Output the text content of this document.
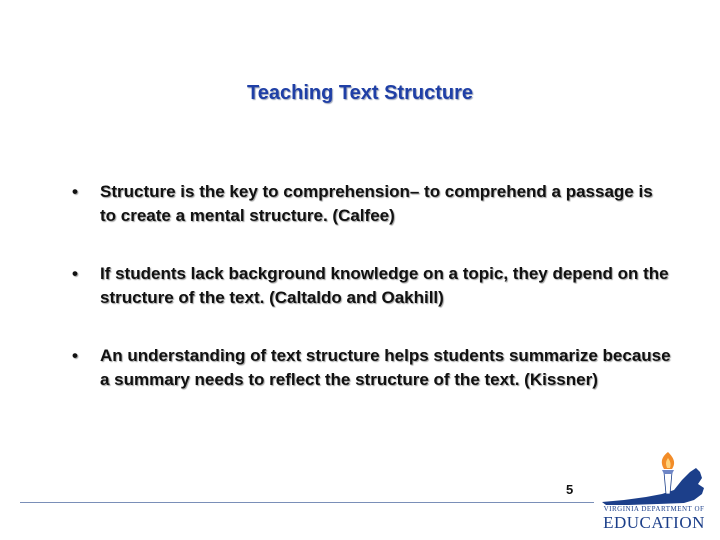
Teaching Text Structure
•	Structure is the key to comprehension– to comprehend a passage is to create a mental structure. (Calfee)
•	If students lack background knowledge on a topic, they depend on the structure of the text. (Caltaldo and Oakhill)
•	An understanding of text structure helps students summarize because a summary needs to reflect the structure of the text. (Kissner)
5
VIRGINIA DEPARTMENT OF
EDUCATION
